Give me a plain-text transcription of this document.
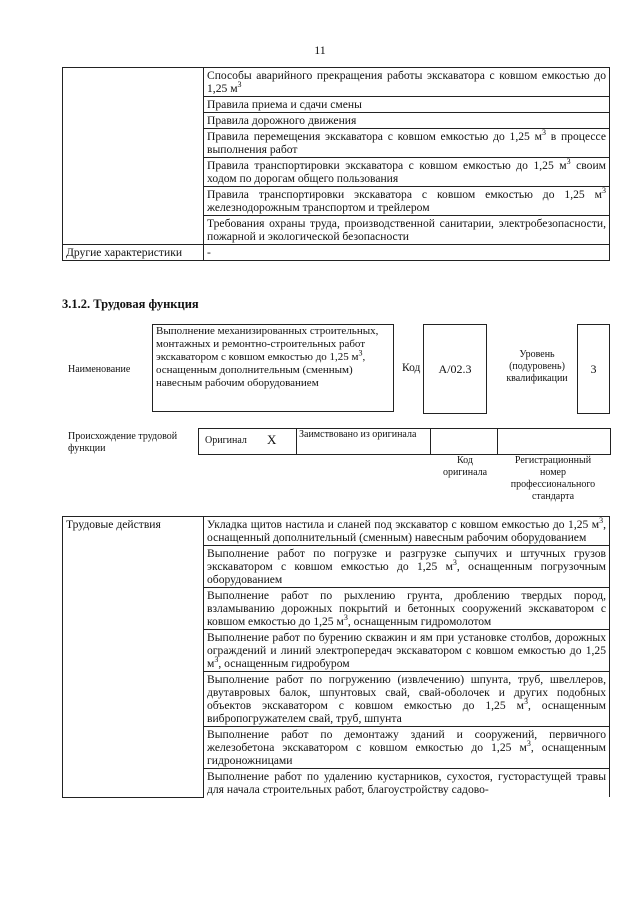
11
	Способы аварийного прекращения работы экскаватора с ковшом емкостью до 1,25 $м^3$
	Правила приема и сдачи смены
	Правила дорожного движения
	Правила перемещения экскаватора с ковшом емкостью до 1,25 $м^3$ в процессе выполнения работ
	Правила транспортировки экскаватора с ковшом емкостью до 1,25 $м^3$ своим ходом по дорогам общего пользования
	Правила транспортировки экскаватора с ковшом емкостью до 1,25 $м^3$ железнодорожным транспортом и трейлером
	Требования охраны труда, производственной санитарии, электробезопасности, пожарной и экологической безопасности
Другие характеристики	-
3.1.2. Трудовая функция
Наименование
Выполнение механизированных строительных, монтажных и ремонтно-строительных работ экскаватором с ковшом емкостью до 1,25 $м^3$, оснащенным дополнительным (сменным) навесным рабочим оборудованием
Код	А/02.3
Уровень (подуровень) квалификации
3
Происхождение трудовой функции
Оригинал X Заимствовано из оригинала
Код оригинала
Регистрационный номер профессионального стандарта
Трудовые действия	Укладка щитов настила и сланей под экскаватор с ковшом емкостью до 1,25 $м^3$, оснащенный дополнительный (сменным) навесным рабочим оборудованием
Выполнение работ по погрузке и разгрузке сыпучих и штучных грузов экскаватором с ковшом емкостью до 1,25 $м^3$, оснащенным погрузочным оборудованием
Выполнение работ по рыхлению грунта, дроблению твердых пород, взламыванию дорожных покрытий и бетонных сооружений экскаватором с ковшом емкостью до 1,25 $м^3$, оснащенным гидромолотом
Выполнение работ по бурению скважин и ям при установке столбов, дорожных ограждений и линий электропередач экскаватором с ковшом емкостью до 1,25 $м^3$, оснащенным гидробуром
Выполнение работ по погружению (извлечению) шпунта, труб, швеллеров, двутавровых балок, шпунтовых свай, свай-оболочек и других подобных объектов экскаватором с ковшом емкостью до 1,25 $м^3$, оснащенным вибропогружателем свай, труб, шпунта
Выполнение работ по демонтажу зданий и сооружений, первичного железобетона экскаватором с ковшом емкостью до 1,25 $м^3$, оснащенным гидроножницами
Выполнение работ по удалению кустарников, сухостоя, густорастущей травы для начала строительных работ, благоустройству садово-
